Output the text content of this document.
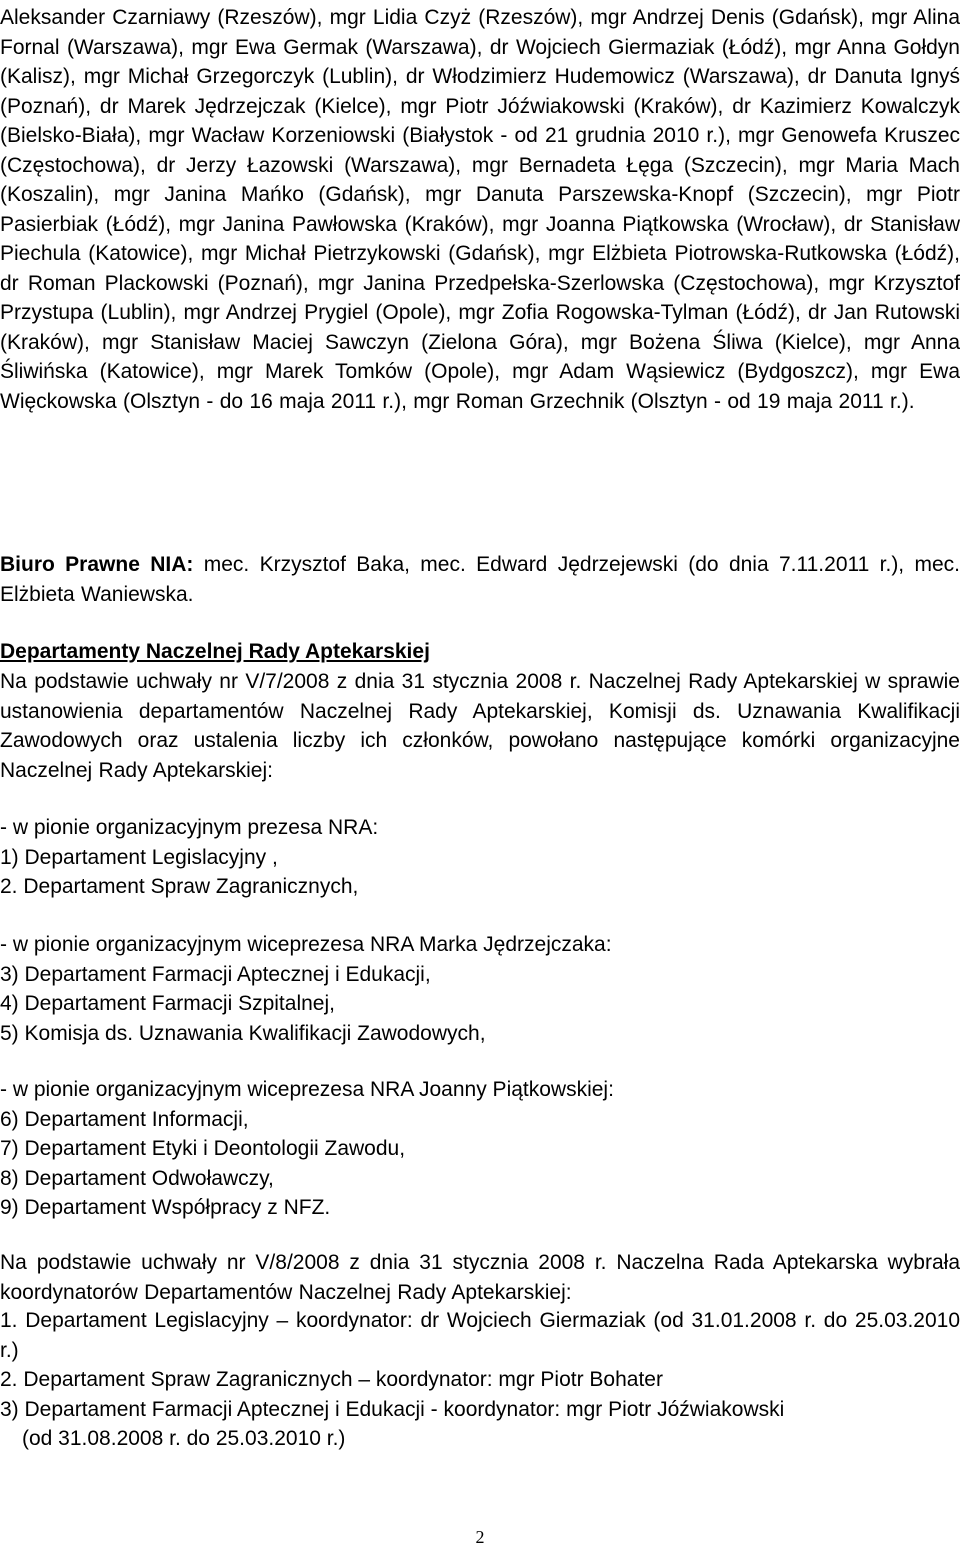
Aleksander Czarniawy (Rzeszów), mgr Lidia Czyż (Rzeszów), mgr Andrzej Denis (Gdańsk), mgr Alina Fornal (Warszawa), mgr Ewa Germak (Warszawa), dr Wojciech Giermaziak (Łódź), mgr Anna Gołdyn (Kalisz), mgr Michał Grzegorczyk (Lublin), dr Włodzimierz Hudemowicz (Warszawa), dr Danuta Ignyś (Poznań), dr Marek Jędrzejczak (Kielce), mgr Piotr Jóźwiakowski (Kraków), dr Kazimierz Kowalczyk (Bielsko-Biała), mgr Wacław Korzeniowski (Białystok - od 21 grudnia 2010 r.), mgr Genowefa Kruszec (Częstochowa), dr Jerzy Łazowski (Warszawa), mgr Bernadeta Łęga (Szczecin), mgr Maria Mach (Koszalin), mgr Janina Mańko (Gdańsk), mgr Danuta Parszewska-Knopf (Szczecin), mgr Piotr Pasierbiak (Łódź), mgr Janina Pawłowska (Kraków), mgr Joanna Piątkowska (Wrocław), dr Stanisław Piechula (Katowice), mgr Michał Pietrzykowski (Gdańsk), mgr Elżbieta Piotrowska-Rutkowska (Łódź), dr Roman Plackowski (Poznań), mgr Janina Przedpełska-Szerlowska (Częstochowa), mgr Krzysztof Przystupa (Lublin), mgr Andrzej Prygiel (Opole), mgr Zofia Rogowska-Tylman (Łódź), dr Jan Rutowski (Kraków), mgr Stanisław Maciej Sawczyn (Zielona Góra), mgr Bożena Śliwa (Kielce), mgr Anna Śliwińska (Katowice), mgr Marek Tomków (Opole), mgr Adam Wąsiewicz (Bydgoszcz), mgr Ewa Więckowska (Olsztyn - do 16 maja 2011 r.), mgr Roman Grzechnik (Olsztyn - od 19 maja 2011 r.).
Biuro Prawne NIA: mec. Krzysztof Baka, mec. Edward Jędrzejewski (do dnia 7.11.2011 r.), mec. Elżbieta Waniewska.
Departamenty Naczelnej Rady Aptekarskiej
Na podstawie uchwały nr V/7/2008 z dnia 31 stycznia 2008 r. Naczelnej Rady Aptekarskiej w sprawie ustanowienia departamentów Naczelnej Rady Aptekarskiej, Komisji ds. Uznawania Kwalifikacji Zawodowych oraz ustalenia liczby ich członków, powołano następujące komórki organizacyjne Naczelnej Rady Aptekarskiej:
- w pionie organizacyjnym prezesa NRA:
1) Departament Legislacyjny ,
2. Departament Spraw Zagranicznych,
- w pionie organizacyjnym wiceprezesa NRA Marka Jędrzejczaka:
3) Departament Farmacji Aptecznej i Edukacji,
4) Departament Farmacji Szpitalnej,
5) Komisja ds. Uznawania Kwalifikacji Zawodowych,
- w pionie organizacyjnym wiceprezesa NRA Joanny Piątkowskiej:
6) Departament Informacji,
7) Departament Etyki i Deontologii Zawodu,
8) Departament Odwoławczy,
9) Departament Współpracy z NFZ.
Na podstawie uchwały nr V/8/2008 z dnia 31 stycznia 2008 r. Naczelna Rada Aptekarska wybrała koordynatorów Departamentów Naczelnej Rady Aptekarskiej:
1. Departament Legislacyjny – koordynator: dr Wojciech Giermaziak (od 31.01.2008 r. do 25.03.2010 r.)
2. Departament Spraw Zagranicznych – koordynator: mgr Piotr Bohater
3) Departament Farmacji Aptecznej i Edukacji - koordynator: mgr Piotr Jóźwiakowski
(od 31.08.2008 r. do 25.03.2010 r.)
2
